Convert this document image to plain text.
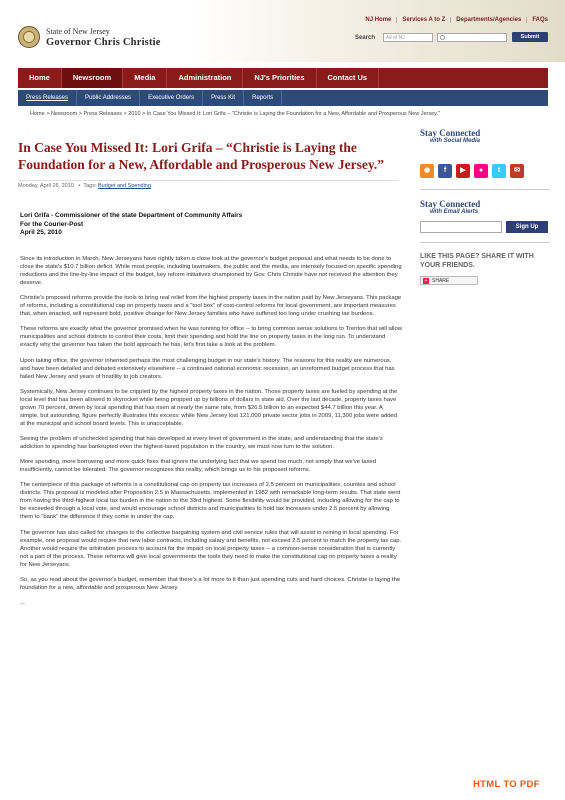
NJ Home	Services A to Z	Departments/Agencies	FAQs
State of New Jersey
Governor Chris Christie	Search	All of NJ	Submit
Home	Newsroom	Media	Administration	NJ's Priorities	Contact Us
Press Releases	Public Addresses	Executive Orders	Press Kit	Reports
Home > Newsroom > Press Releases > 2010 > In Case You Missed It: Lori Grifa – "Christie is Laying the Foundation for a New, Affordable and Prosperous New Jersey."
In Case You Missed It: Lori Grifa – “Christie is Laying the Foundation for a New, Affordable and Prosperous New Jersey.”
Monday, April 26, 2010   •  Tags: Budget and Spending
Lori Grifa - Commissioner of the state Department of Community Affairs
For the Courier-Post
April 25, 2010

Since its introduction in March, New Jerseyans have rightly taken a close look at the governor's budget proposal and what needs to be done to close the state's $10.7 billion deficit. While most people, including lawmakers, the public and the media, are intensely focused on specific spending reductions and the line-by-line impact of the budget, key reform initiatives championed by Gov. Chris Christie have not received the attention they deserve.

Christie's proposed reforms provide the tools to bring real relief from the highest property taxes in the nation paid by New Jerseyans. This package of reforms, including a constitutional cap on property taxes and a "tool box" of cost-control reforms for local government, are important measures that, when enacted, will represent bold, positive change for New Jersey families who have suffered too long under crushing tax burdens.

These reforms are exactly what the governor promised when he was running for office -- to bring common sense solutions to Trenton that will allow municipalities and school districts to control their costs, limit their spending and hold the line on property taxes in the long run. To understand exactly why the governor has taken the bold approach he has, let's first take a look at the problem.

Upon taking office, the governor inherited perhaps the most challenging budget in our state's history. The reasons for this reality are numerous, and have been detailed and debated extensively elsewhere -- a continued national economic recession, an unreformed budget process that has failed New Jersey and years of hostility to job creators.

Systemically, New Jersey continues to be crippled by the highest property taxes in the nation. Those property taxes are fueled by spending at the local level that has been allowed to skyrocket while being propped up by billions of dollars in state aid. Over the last decade, property taxes have grown 70 percent, driven by local spending that has risen at nearly the same rate, from $26.5 billion to an expected $44.7 billion this year. A simple, but astounding, figure perfectly illustrates this excess: while New Jersey lost 121,000 private sector jobs in 2009, 11,300 jobs were added at the municipal and school board levels. This is unacceptable.

Seeing the problem of unchecked spending that has developed at every level of government in the state, and understanding that the state's addiction to spending has bankrupted even the highest-taxed population in the country, we must now turn to the solution.

More spending, more borrowing and more quick fixes that ignore the underlying fact that we spend too much, not simply that we've taxed insufficiently, cannot be tolerated. The governor recognizes this reality, which brings us to his proposed reforms.

The centerpiece of this package of reforms is a constitutional cap on property tax increases of 2.5 percent on municipalities, counties and school districts. This proposal is modeled after Proposition 2.5 in Massachusetts, implemented in 1982 with remarkable long-term results. That state went from having the third-highest local tax burden in the nation to the 33rd highest. Some flexibility would be provided, including allowing for the cap to be exceeded through a local vote, and would encourage school districts and municipalities to hold tax increases under 2.5 percent by allowing them to "bank" the difference if they come in under the cap.

The governor has also called for changes to the collective bargaining system and civil service rules that will assist in reining in local spending. For example, one proposal would require that new labor contracts, including salary and benefits, not exceed 2.5 percent to match the property tax cap. Another would require the arbitration process to account for the impact on local property taxes -- a common-sense consideration that is currently not a part of the process. These reforms will give local governments the tools they need to make the constitutional cap on property taxes a reality for New Jerseyans.

So, as you read about the governor's budget, remember that there's a lot more to it than just spending cuts and hard choices. Christie is laying the foundation for a new, affordable and prosperous New Jersey.

...

Stay Connected
with Social Media
◉	f	▶	●	t	✉
Stay Connected
with Email Alerts
Sign Up
LIKE THIS PAGE? SHARE IT WITH YOUR FRIENDS.
+ SHARE
HTML TO PDF
